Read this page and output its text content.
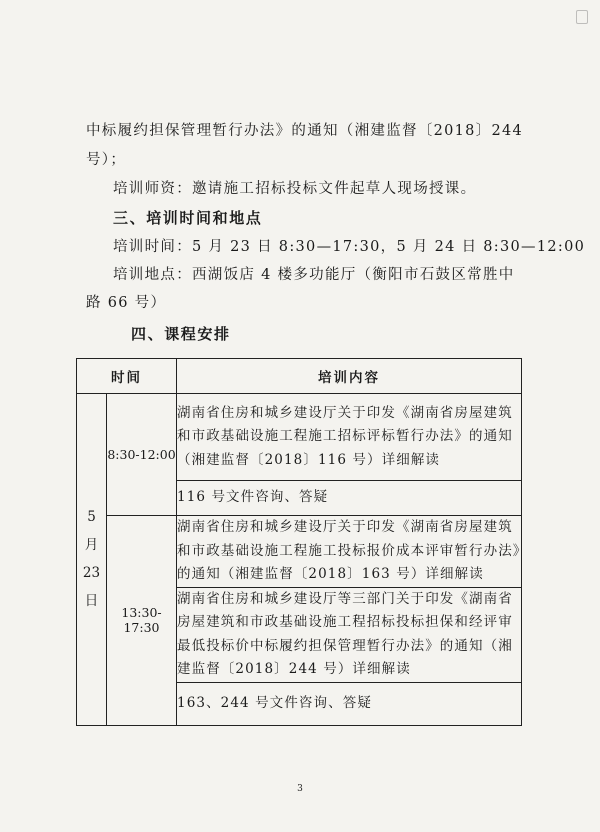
中标履约担保管理暂行办法》的通知（湘建监督〔2018〕244
号）；
培训师资：邀请施工招标投标文件起草人现场授课。
三、培训时间和地点
培训时间：5 月 23 日 8:30—17:30，5 月 24 日 8:30—12:00
培训地点：西湖饭店 4 楼多功能厅（衡阳市石鼓区常胜中
路 66 号）
四、课程安排
时间		培训内容

5
月
23
日	8:30-12:00	湖南省住房和城乡建设厅关于印发《湖南省房屋建筑和市政基础设施工程施工招标评标暂行办法》的通知（湘建监督〔2018〕116 号）详细解读
		116 号文件咨询、答疑
	13:30-17:30	湖南省住房和城乡建设厅关于印发《湖南省房屋建筑和市政基础设施工程施工投标报价成本评审暂行办法》的通知（湘建监督〔2018〕163 号）详细解读
		湖南省住房和城乡建设厅等三部门关于印发《湖南省房屋建筑和市政基础设施工程招标投标担保和经评审最低投标价中标履约担保管理暂行办法》的通知（湘建监督〔2018〕244 号）详细解读
		163、244 号文件咨询、答疑
3
